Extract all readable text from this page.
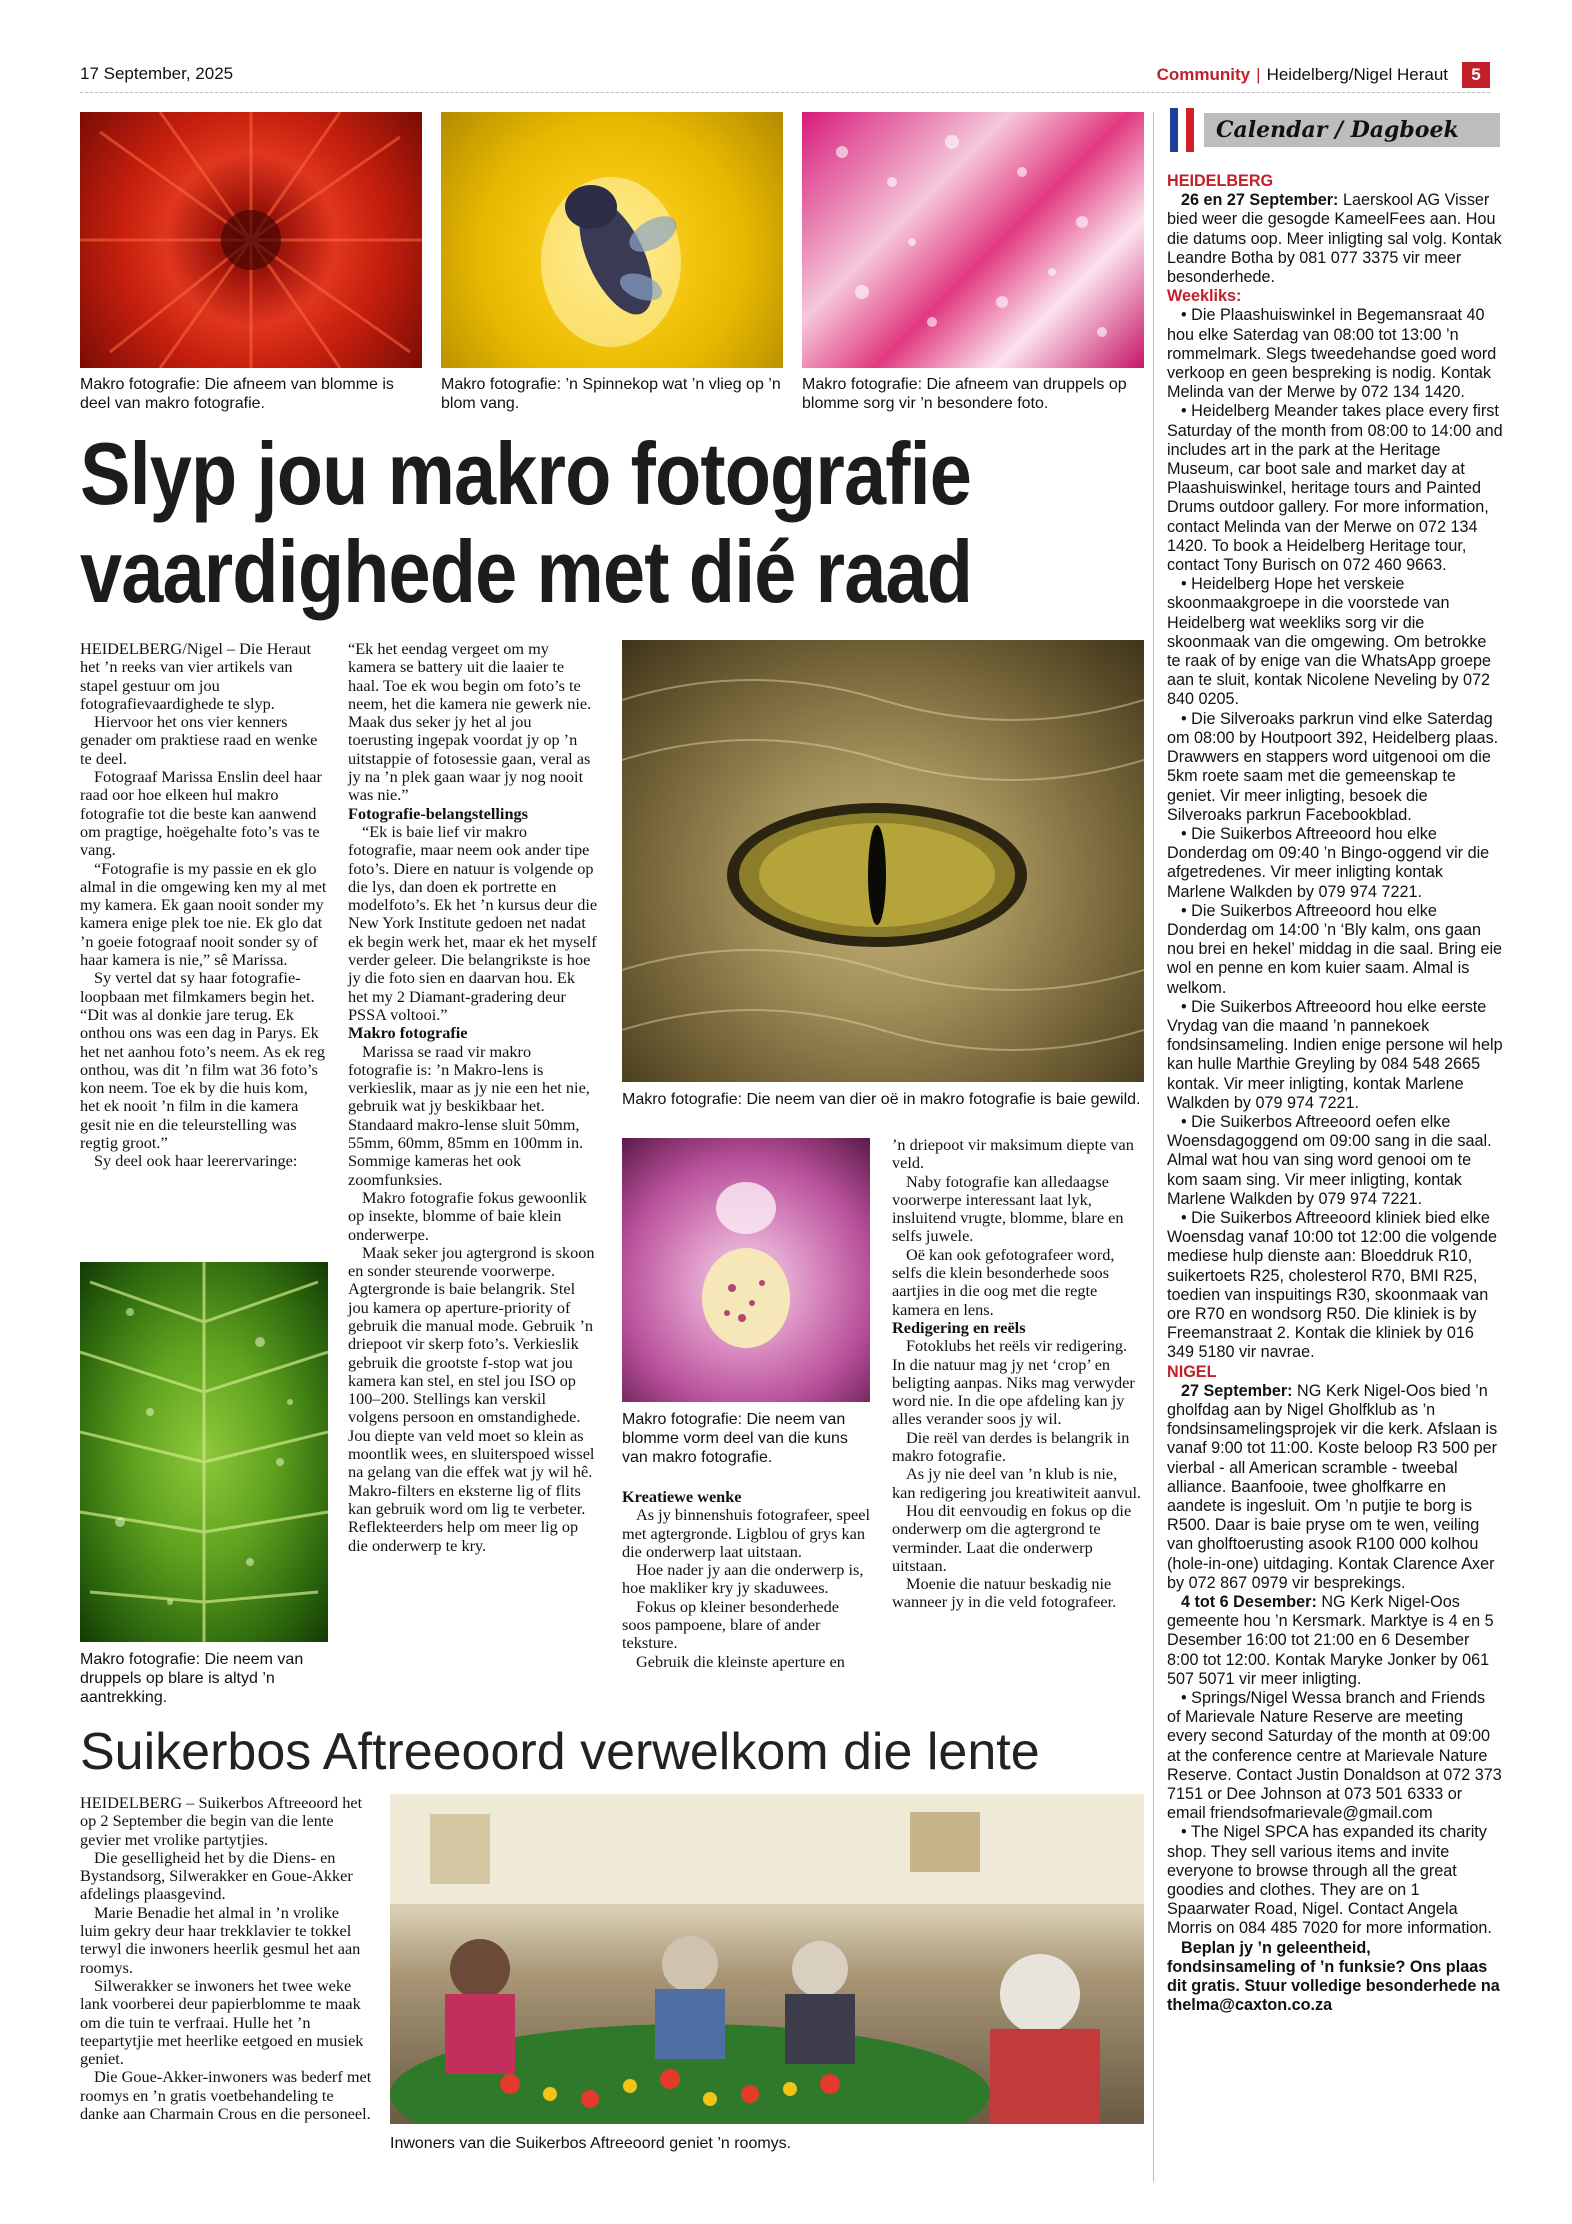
17 September, 2025	Community | Heidelberg/Nigel Heraut	5
Makro fotografie: Die afneem van blomme is deel van makro fotografie.
Makro fotografie: ’n Spinnekop wat ’n vlieg op ’n blom vang.
Makro fotografie: Die afneem van druppels op blomme sorg vir ’n besondere foto.
Slyp jou makro fotografie
vaardighede met dié raad

HEIDELBERG/Nigel – Die Heraut het ’n reeks van vier artikels van stapel gestuur om jou fotografievaardighede te slyp.

Hiervoor het ons vier kenners genader om praktiese raad en wenke te deel.

Fotograaf Marissa Enslin deel haar raad oor hoe elkeen hul makro fotografie tot die beste kan aanwend om pragtige, hoëgehalte foto’s vas te vang.

“Fotografie is my passie en ek glo almal in die omgewing ken my al met my kamera. Ek gaan nooit sonder my kamera enige plek toe nie. Ek glo dat ’n goeie fotograaf nooit sonder sy of haar kamera is nie,” sê Marissa.

Sy vertel dat sy haar fotografie-loopbaan met filmkamers begin het. “Dit was al donkie jare terug. Ek onthou ons was een dag in Parys. Ek het net aanhou foto’s neem. As ek reg onthou, was dit ’n film wat 36 foto’s kon neem. Toe ek by die huis kom, het ek nooit ’n film in die kamera gesit nie en die teleurstelling was regtig groot.”

Sy deel ook haar leerervaringe:

Makro fotografie: Die neem van druppels op blare is altyd ’n aantrekking.

“Ek het eendag vergeet om my kamera se battery uit die laaier te haal. Toe ek wou begin om foto’s te neem, het die kamera nie gewerk nie. Maak dus seker jy het al jou toerusting ingepak voordat jy op ’n uitstappie of fotosessie gaan, veral as jy na ’n plek gaan waar jy nog nooit was nie.”

Fotografie-belangstellings

“Ek is baie lief vir makro fotografie, maar neem ook ander tipe foto’s. Diere en natuur is volgende op die lys, dan doen ek portrette en modelfoto’s. Ek het ’n kursus deur die New York Institute gedoen net nadat ek begin werk het, maar ek het myself verder geleer. Die belangrikste is hoe jy die foto sien en daarvan hou. Ek het my 2 Diamant-gradering deur PSSA voltooi.”

Makro fotografie

Marissa se raad vir makro fotografie is: ’n Makro-lens is verkieslik, maar as jy nie een het nie, gebruik wat jy beskikbaar het. Standaard makro-lense sluit 50mm, 55mm, 60mm, 85mm en 100mm in. Sommige kameras het ook zoomfunksies.

Makro fotografie fokus gewoonlik op insekte, blomme of baie klein onderwerpe.

Maak seker jou agtergrond is skoon en sonder steurende voorwerpe. Agtergronde is baie belangrik. Stel jou kamera op aperture-priority of gebruik die manual mode. Gebruik ’n driepoot vir skerp foto’s. Verkieslik gebruik die grootste f-stop wat jou kamera kan stel, en stel jou ISO op 100–200. Stellings kan verskil volgens persoon en omstandighede. Jou diepte van veld moet so klein as moontlik wees, en sluiterspoed wissel na gelang van die effek wat jy wil hê. Makro-filters en eksterne lig of flits kan gebruik word om lig te verbeter. Reflekteerders help om meer lig op die onderwerp te kry.

Makro fotografie: Die neem van dier oë in makro fotografie is baie gewild.
Makro fotografie: Die neem van blomme vorm deel van die kuns van makro fotografie.

Kreatiewe wenke

As jy binnenshuis fotografeer, speel met agtergronde. Ligblou of grys kan die onderwerp laat uitstaan.

Hoe nader jy aan die onderwerp is, hoe makliker kry jy skaduwees.

Fokus op kleiner besonderhede soos pampoene, blare of ander teksture.

Gebruik die kleinste aperture en

’n driepoot vir maksimum diepte van veld.

Naby fotografie kan alledaagse voorwerpe interessant laat lyk, insluitend vrugte, blomme, blare en selfs juwele.

Oë kan ook gefotografeer word, selfs die klein besonderhede soos aartjies in die oog met die regte kamera en lens.

Redigering en reëls

Fotoklubs het reëls vir redigering. In die natuur mag jy net ‘crop’ en beligting aanpas. Niks mag verwyder word nie. In die ope afdeling kan jy alles verander soos jy wil.

Die reël van derdes is belangrik in makro fotografie.

As jy nie deel van ’n klub is nie, kan redigering jou kreatiwiteit aanvul.

Hou dit eenvoudig en fokus op die onderwerp om die agtergrond te verminder. Laat die onderwerp uitstaan.

Moenie die natuur beskadig nie wanneer jy in die veld fotografeer.

Suikerbos Aftreeoord verwelkom die lente

HEIDELBERG – Suikerbos Aftreeoord het op 2 September die begin van die lente gevier met vrolike partytjies.

Die geselligheid het by die Diens- en Bystandsorg, Silwerakker en Goue-Akker afdelings plaasgevind.

Marie Benadie het almal in ’n vrolike luim gekry deur haar trekklavier te tokkel terwyl die inwoners heerlik gesmul het aan roomys.

Silwerakker se inwoners het twee weke lank voorberei deur papierblomme te maak om die tuin te verfraai. Hulle het ’n teepartytjie met heerlike eetgoed en musiek geniet.

Die Goue-Akker-inwoners was bederf met roomys en ’n gratis voetbehandeling te danke aan Charmain Crous en die personeel.

Inwoners van die Suikerbos Aftreeoord geniet ’n roomys.
Calendar / Dagboek

HEIDELBERG

26 en 27 September: Laerskool AG Visser bied weer die gesogde KameelFees aan. Hou die datums oop. Meer inligting sal volg. Kontak Leandre Botha by 081 077 3375 vir meer besonderhede.

Weekliks:

• Die Plaashuiswinkel in Begemansraat 40 hou elke Saterdag van 08:00 tot 13:00 ’n rommelmark. Slegs tweedehandse goed word verkoop en geen bespreking is nodig. Kontak Melinda van der Merwe by 072 134 1420.

• Heidelberg Meander takes place every first Saturday of the month from 08:00 to 14:00 and includes art in the park at the Heritage Museum, car boot sale and market day at Plaashuiswinkel, heritage tours and Painted Drums outdoor gallery. For more information, contact Melinda van der Merwe on 072 134 1420. To book a Heidelberg Heritage tour, contact Tony Burisch on 072 460 9663.

• Heidelberg Hope het verskeie skoonmaakgroepe in die voorstede van Heidelberg wat weekliks sorg vir die skoonmaak van die omgewing. Om betrokke te raak of by enige van die WhatsApp groepe aan te sluit, kontak Nicolene Neveling by 072 840 0205.

• Die Silveroaks parkrun vind elke Saterdag om 08:00 by Houtpoort 392, Heidelberg plaas. Drawwers en stappers word uitgenooi om die 5km roete saam met die gemeenskap te geniet. Vir meer inligting, besoek die Silveroaks parkrun Facebookblad.

• Die Suikerbos Aftreeoord hou elke Donderdag om 09:40 ’n Bingo-oggend vir die afgetredenes. Vir meer inligting kontak Marlene Walkden by 079 974 7221.

• Die Suikerbos Aftreeoord hou elke Donderdag om 14:00 ’n ‘Bly kalm, ons gaan nou brei en hekel’ middag in die saal. Bring eie wol en penne en kom kuier saam. Almal is welkom.

• Die Suikerbos Aftreeoord hou elke eerste Vrydag van die maand ’n pannekoek fondsinsameling. Indien enige persone wil help kan hulle Marthie Greyling by 084 548 2665 kontak. Vir meer inligting, kontak Marlene Walkden by 079 974 7221.

• Die Suikerbos Aftreeoord oefen elke Woensdagoggend om 09:00 sang in die saal. Almal wat hou van sing word genooi om te kom saam sing. Vir meer inligting, kontak Marlene Walkden by 079 974 7221.

• Die Suikerbos Aftreeoord kliniek bied elke Woensdag vanaf 10:00 tot 12:00 die volgende mediese hulp dienste aan: Bloeddruk R10, suikertoets R25, cholesterol R70, BMI R25, toedien van inspuitings R30, skoonmaak van ore R70 en wondsorg R50. Die kliniek is by Freemanstraat 2. Kontak die kliniek by 016 349 5180 vir navrae.

NIGEL

27 September: NG Kerk Nigel-Oos bied ’n gholfdag aan by Nigel Gholfklub as ’n fondsinsamelingsprojek vir die kerk. Afslaan is vanaf 9:00 tot 11:00. Koste beloop R3 500 per vierbal - all American scramble - tweebal alliance. Baanfooie, twee gholfkarre en aandete is ingesluit. Om ’n putjie te borg is R500. Daar is baie pryse om te wen, veiling van gholftoerusting asook R100 000 kolhou (hole-in-one) uitdaging. Kontak Clarence Axer by 072 867 0979 vir besprekings.

4 tot 6 Desember: NG Kerk Nigel-Oos gemeente hou ’n Kersmark. Marktye is 4 en 5 Desember 16:00 tot 21:00 en 6 Desember 8:00 tot 12:00. Kontak Maryke Jonker by 061 507 5071 vir meer inligting.

• Springs/Nigel Wessa branch and Friends of Marievale Nature Reserve are meeting every second Saturday of the month at 09:00 at the conference centre at Marievale Nature Reserve. Contact Justin Donaldson at 072 373 7151 or Dee Johnson at 073 501 6333 or email friendsofmarievale@gmail.com

• The Nigel SPCA has expanded its charity shop. They sell various items and invite everyone to browse through all the great goodies and clothes. They are on 1 Spaarwater Road, Nigel. Contact Angela Morris on 084 485 7020 for more information.

Beplan jy ’n geleentheid, fondsinsameling of ’n funksie? Ons plaas dit gratis. Stuur volledige besonderhede na thelma@caxton.co.za
